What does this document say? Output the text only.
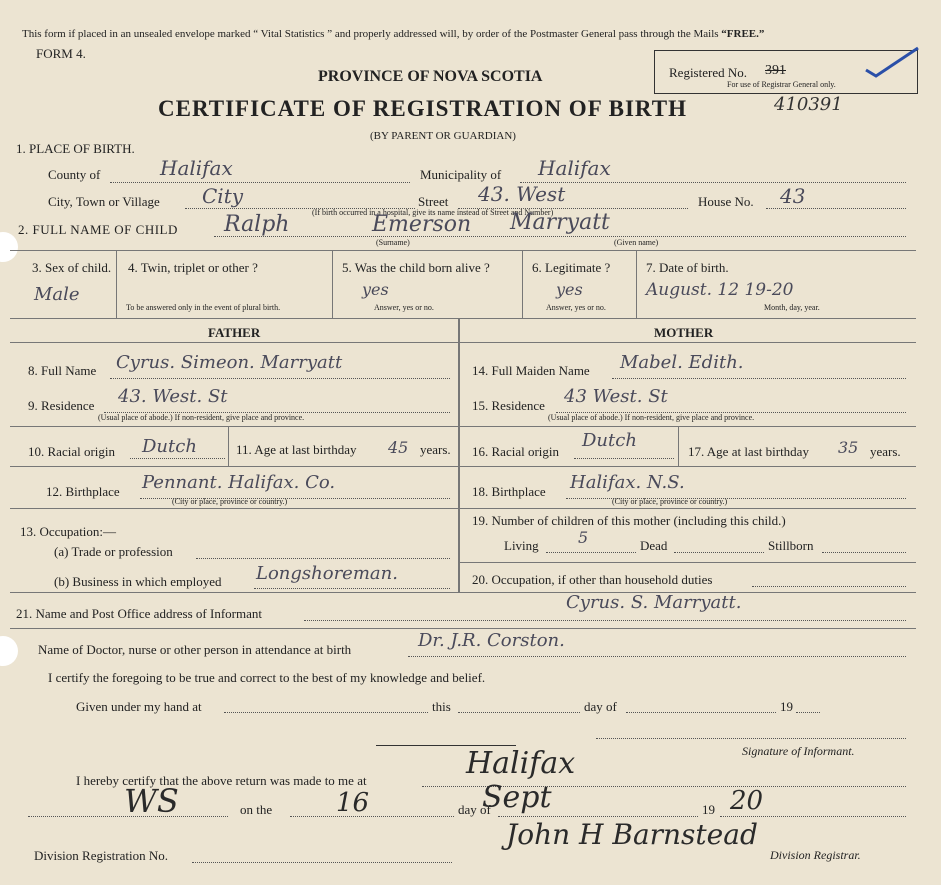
This form if placed in an unsealed envelope marked “ Vital Statistics ” and properly addressed will, by order of the Postmaster General pass through the Mails “FREE.”
FORM 4.
PROVINCE OF NOVA SCOTIA
CERTIFICATE OF REGISTRATION OF BIRTH
(BY PARENT OR GUARDIAN)
Registered No. 391
For use of Registrar General only.
410391
1. PLACE OF BIRTH.
County of	Halifax	Municipality of Halifax
City, Town or Village City	Street 43. West
(If birth occurred in a hospital, give its name instead of Street and Number)
House No. 43
2. FULL NAME OF CHILD Ralph	Emerson Marryatt
(Surname)	(Given name)
3. Sex of child.
Male
4. Twin, triplet or other ?
To be answered only in the event of plural birth.
5. Was the child born alive ?
yes
Answer, yes or no.
6. Legitimate ?
yes
Answer, yes or no.
7. Date of birth.
August. 12 19-20
Month, day, year.
FATHER	MOTHER
8. Full Name Cyrus. Simeon. Marryatt
9. Residence 43. West. St
(Usual place of abode.) If non-resident, give place and province.
10. Racial origin Dutch	11. Age at last birthday 45 years.
12. Birthplace Pennant. Halifax. Co.
(City or place, province or country.)
13. Occupation:—
(a) Trade or profession
(b) Business in which employed Longshoreman.
14. Full Maiden Name Mabel. Edith.
15. Residence 43 West. St
(Usual place of abode.) If non-resident, give place and province.
16. Racial origin
Dutch
17. Age at last birthday 35 years.
18. Birthplace Halifax. N.S.
(City or place, province or country.)
19. Number of children of this mother (including this child.)
Living 5	Dead	Stillborn
20. Occupation, if other than household duties
21. Name and Post Office address of Informant
Cyrus. S. Marryatt.
Name of Doctor, nurse or other person in attendance at birth	Dr. J.R. Corston.
I certify the foregoing to be true and correct to the best of my knowledge and belief.
Given under my hand at	this	day of	19
Signature of Informant.
I hereby certify that the above return was made to me at	Halifax
WS	on the 16	day of
Sept	19 20
John H Barnstead
Division Registration No.	Division Registrar.
